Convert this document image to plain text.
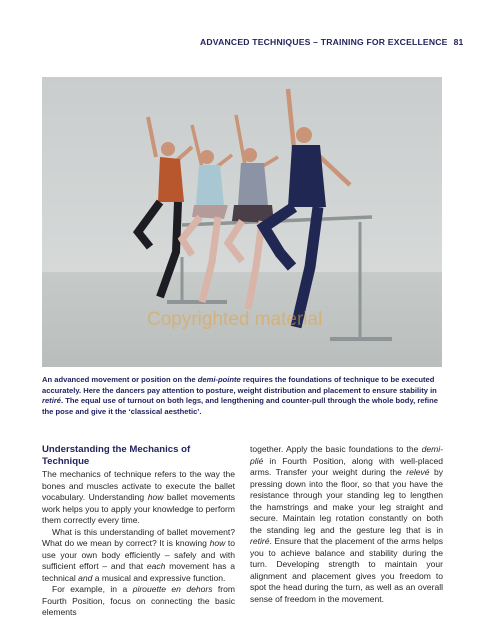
ADVANCED TECHNIQUES – TRAINING FOR EXCELLENCE 81
Copyrighted material
An advanced movement or position on the demi-pointe requires the foundations of technique to be executed accurately. Here the dancers pay attention to posture, weight distribution and placement to ensure stability in retiré. The equal use of turnout on both legs, and lengthening and counter-pull through the whole body, refine the pose and give it the ‘classical aesthetic’.
Understanding the Mechanics of Technique

The mechanics of technique refers to the way the bones and muscles activate to execute the ballet vocabulary. Understanding how ballet movements work helps you to apply your knowledge to perform them correctly every time.

What is this understanding of ballet movement? What do we mean by correct? It is knowing how to use your own body efficiently – safely and with sufficient effort – and that each movement has a technical and a musical and expressive function.

For example, in a pirouette en dehors from Fourth Position, focus on connecting the basic elements

together. Apply the basic foundations to the demi-plié in Fourth Position, along with well-placed arms. Transfer your weight during the relevé by pressing down into the floor, so that you have the resistance through your standing leg to lengthen the hamstrings and make your leg straight and secure. Maintain leg rotation constantly on both the standing leg and the gesture leg that is in retiré. Ensure that the placement of the arms helps you to achieve balance and stability during the turn. Developing strength to maintain your alignment and placement gives you freedom to spot the head during the turn, as well as an overall sense of freedom in the movement.
